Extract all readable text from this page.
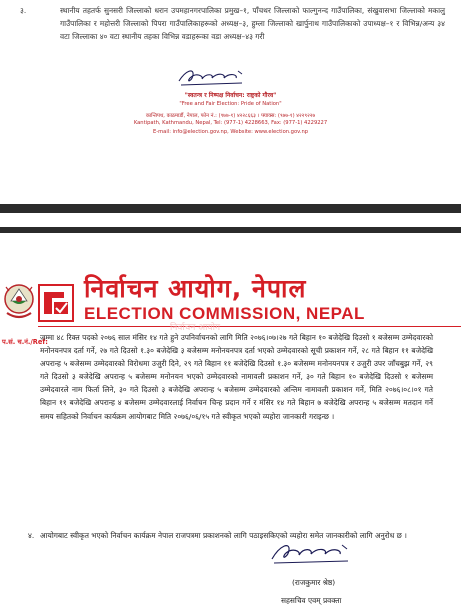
३.	स्थानीय तहतर्फ सुनसरी जिल्लाको धरान उपमहानगरपालिका प्रमुख–१, पाँचथर जिल्लाको फाल्गुनन्द गाउँपालिका, संखुवासभा जिल्लाको मकालु गाउँपालिका र महोत्तरी जिल्लाको पिपरा गाउँपालिकाहरूको अध्यक्ष–३, हुम्ला जिल्लाको खार्पुनाथ गाउँपालिकाको उपाध्यक्ष–१ र विभिन्न/अन्य ३४ वटा जिल्लाका ४० वटा स्थानीय तहका विभिन्न वडाहरूका वडा अध्यक्ष–४३ गरी
"स्वतन्त्र र निष्पक्ष निर्वाचन: राष्ट्रको गौरव"
"Free and Fair Election: Pride of Nation"
कान्तिपथ, काठमाडौं, नेपाल, फोन नं.: (९७७-१) ४२२८६६३ । फ्याक्स: (९७७-१) ४२२९२२७
Kantipath, Kathmandu, Nepal, Tel: (977-1) 4228663, Fax: (977-1) 4229227
E-mail: info@election.gov.np, Website: www.election.gov.np
निर्वाचन आयोग, नेपाल
ELECTION COMMISSION, NEPAL
प.सं. च.नं./Ref:
निर्वाचन आयोग
जम्मा ४८ रिक्त पदको २०७६ साल मंसिर १४ गते हुने उपनिर्वाचनको लागि मिति २०७६।०७।२७ गते बिहान १० बजेदेखि दिउसो १ बजेसम्म उम्मेदवारको मनोनयनपत्र दर्ता गर्ने, २७ गते दिउसो १.३० बजेदेखि ३ बजेसम्म मनोनयनपत्र दर्ता भएको उम्मेदवारको सूची प्रकाशन गर्ने, २८ गते बिहान ११ बजेदेखि अपरान्ह ५ बजेसम्म उम्मेदवारको विरोधमा उजुरी दिने, २९ गते बिहान ११ बजेदेखि दिउसो १.३० बजेसम्म मनोनयनपत्र र उजुरी उपर जाँचबुझ गर्ने, २९ गते दिउसो ३ बजेदेखि अपरान्ह ५ बजेसम्म मनोनयन भएको उम्मेदवारको नामावली प्रकाशन गर्ने, ३० गते बिहान १० बजेदेखि दिउसो १ बजेसम्म उम्मेदवारले नाम फिर्ता लिने, ३० गते दिउसो ३ बजेदेखि अपरान्ह ५ बजेसम्म उम्मेदवारको अन्तिम नामावली प्रकाशन गर्ने, मिति २०७६।०८।०१ गते बिहान ११ बजेदेखि अपरान्ह ४ बजेसम्म उम्मेदवारलाई निर्वाचन चिन्ह प्रदान गर्ने र मंसिर १४ गते बिहान ७ बजेदेखि अपरान्ह ५ बजेसम्म मतदान गर्ने समय सहितको निर्वाचन कार्यक्रम आयोगबाट मिति २०७६/०६/१५ गते स्वीकृत भएको व्यहोरा जानकारी गराइन्छ ।
४. आयोगबाट स्वीकृत भएको निर्वाचन कार्यक्रम नेपाल राजपत्रमा प्रकाशनको लागि पठाइसकिएको व्यहोरा समेत जानकारीको लागि अनुरोध छ ।
(राजकुमार श्रेष्ठ)
सहसचिव एवम् प्रवक्ता
